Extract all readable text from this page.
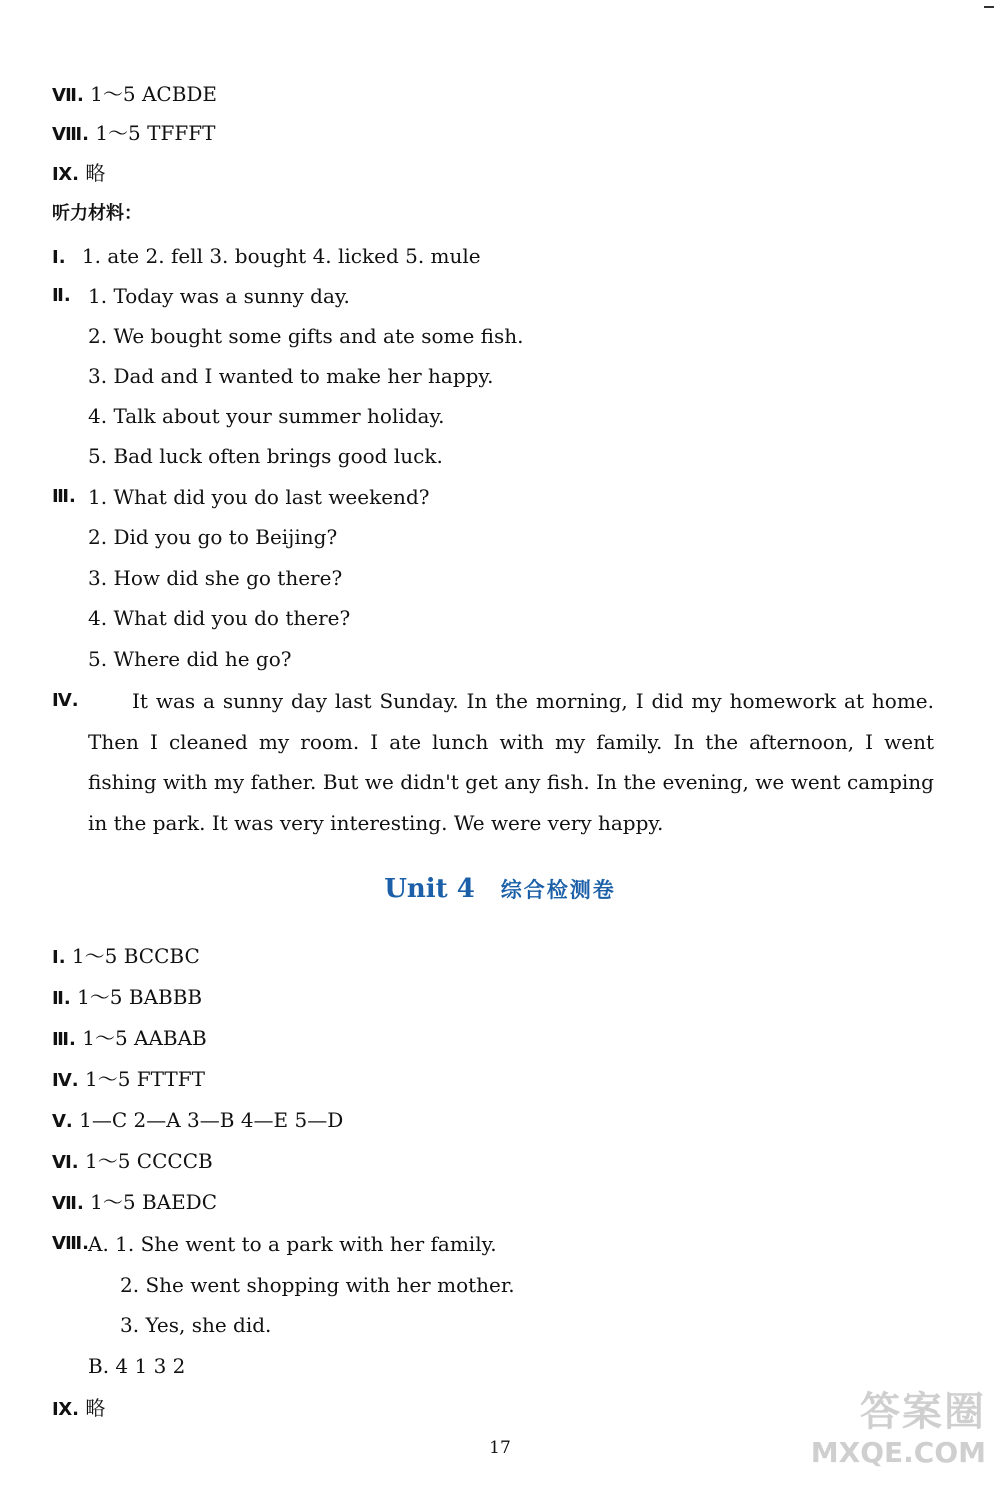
Ⅶ. 1～5 ACBDE
Ⅷ. 1～5 TFFFT
Ⅸ. 略
听力材料：
Ⅰ. 1. ate 2. fell 3. bought 4. licked 5. mule
Ⅱ. 1. Today was a sunny day.
2. We bought some gifts and ate some fish.
3. Dad and I wanted to make her happy.
4. Talk about your summer holiday.
5. Bad luck often brings good luck.
Ⅲ. 1. What did you do last weekend?
2. Did you go to Beijing?
3. How did she go there?
4. What did you do there?
5. Where did he go?
Ⅳ.	It was a sunny day last Sunday. In the morning, I did my homework at home. Then I cleaned my room. I ate lunch with my family. In the afternoon, I went fishing with my father. But we didn't get any fish. In the evening, we went camping in the park. It was very interesting. We were very happy.
Unit 4 综合检测卷
Ⅰ. 1～5 BCCBC
Ⅱ. 1～5 BABBB
Ⅲ. 1～5 AABAB
Ⅳ. 1～5 FTTFT
Ⅴ. 1—C 2—A 3—B 4—E 5—D
Ⅵ. 1～5 CCCCB
Ⅶ. 1～5 BAEDC
Ⅷ. A. 1. She went to a park with her family.
2. She went shopping with her mother.
3. Yes, she did.
B. 4 1 3 2
Ⅸ. 略
17
答案圈
MXQE.COM
